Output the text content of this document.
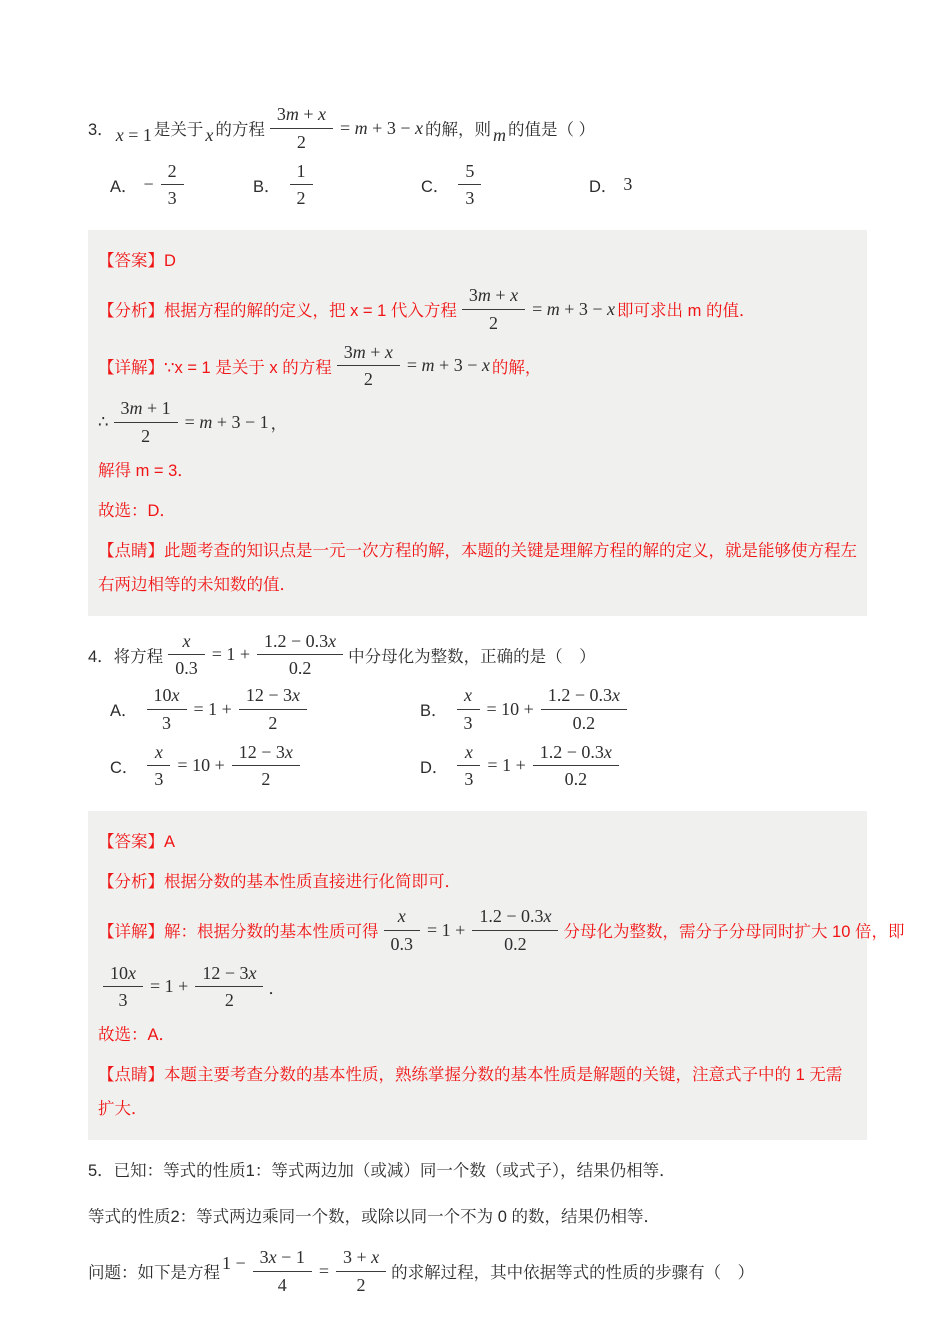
3． x = 1 是关于 x 的方程 $\frac{3m + x}{2} = m + 3 - x$ 的解，则 m 的值是（ ）
A． − $\frac{2}{3}$	B． $\frac{1}{2}$	C． $\frac{5}{3}$	D． 3
【答案】D
【分析】根据方程的解的定义，把 x = 1 代入方程 $\frac{3m + x}{2} = m + 3 - x$ 即可求出 m 的值．
【详解】∵x = 1 是关于 x 的方程 $\frac{3m + x}{2} = m + 3 - x$ 的解，
∴ $\frac{3m + 1}{2} = m + 3 - 1$ ，
解得 m = 3．
故选：D．
【点睛】此题考查的知识点是一元一次方程的解，本题的关键是理解方程的解的定义，就是能够使方程左右两边相等的未知数的值．
4．将方程 $\frac{x}{0.3} = 1 + \frac{1.2 - 0.3x}{0.2}$ 中分母化为整数，正确的是（　）
A． $\frac{10x}{3} = 1 + \frac{12 - 3x}{2}$	B． $\frac{x}{3} = 10 + \frac{1.2 - 0.3x}{0.2}$
C． $\frac{x}{3} = 10 + \frac{12 - 3x}{2}$	D． $\frac{x}{3} = 1 + \frac{1.2 - 0.3x}{0.2}$
【答案】A
【分析】根据分数的基本性质直接进行化简即可．
【详解】解：根据分数的基本性质可得 $\frac{x}{0.3} = 1 + \frac{1.2 - 0.3x}{0.2}$ 分母化为整数，需分子分母同时扩大 10 倍，即
$\frac{10x}{3} = 1 + \frac{12 - 3x}{2}$ ．
故选：A．
【点睛】本题主要考查分数的基本性质，熟练掌握分数的基本性质是解题的关键，注意式子中的 1 无需扩大．
5．已知：等式的性质1：等式两边加（或减）同一个数（或式子），结果仍相等．
等式的性质2：等式两边乘同一个数，或除以同一个不为 0 的数，结果仍相等．
问题：如下是方程
$1 - \frac{3x - 1}{4} = \frac{3 + x}{2}$ 的求解过程，其中依据等式的性质的步骤有（　）
